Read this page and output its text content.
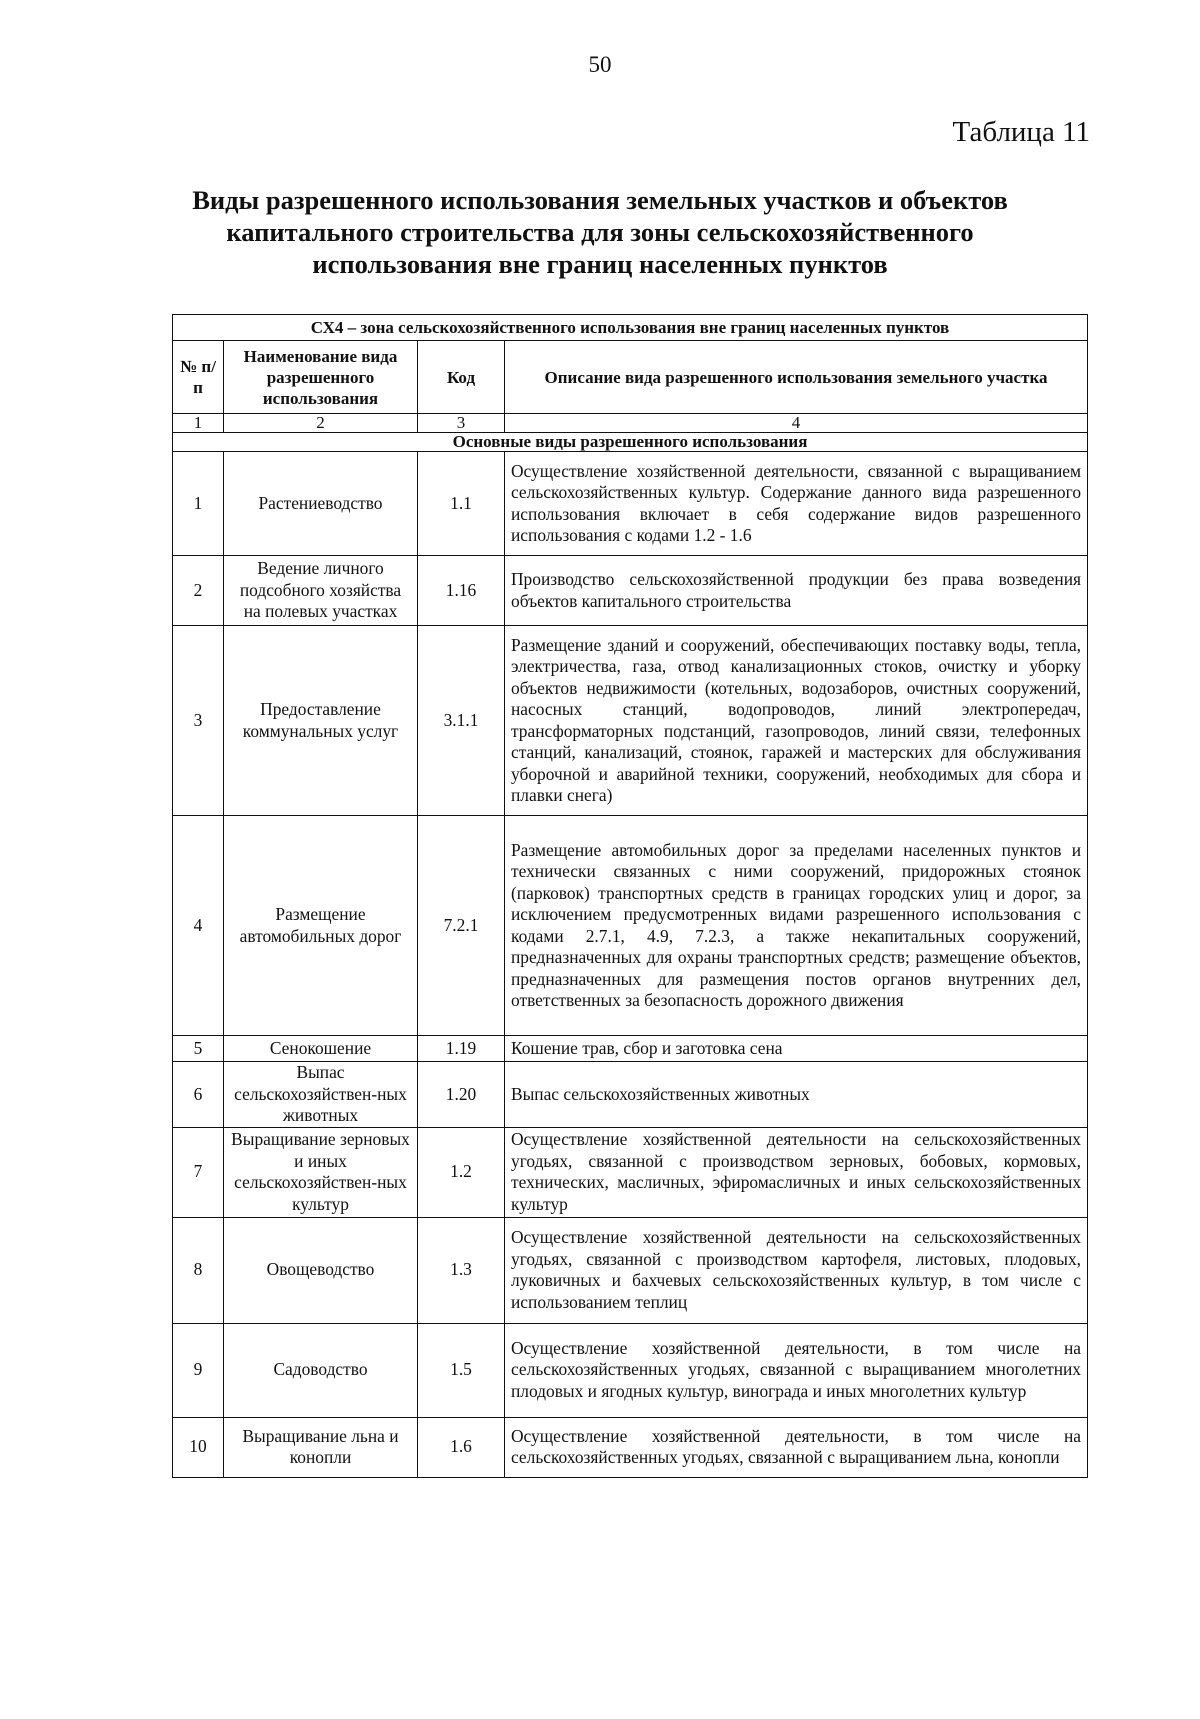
50
Таблица 11
Виды разрешенного использования земельных участков и объектов
капитального строительства для зоны сельскохозяйственного
использования вне границ населенных пунктов
СХ4 – зона сельскохозяйственного использования вне границ населенных пунктов			
№ п/п	Наименование вида разрешенного использования	Код	Описание вида разрешенного использования земельного участка
1	2	3	4
Основные виды разрешенного использования			
1	Растениеводство	1.1	Осуществление хозяйственной деятельности, связанной с выращиванием сельскохозяйственных культур. Содержание данного вида разрешенного использования включает в себя содержание видов разрешенного использования с кодами 1.2 - 1.6
2	Ведение личного подсобного хозяйства на полевых участках	1.16	Производство сельскохозяйственной продукции без права возведения объектов капитального строительства
3	Предоставление коммунальных услуг	3.1.1	Размещение зданий и сооружений, обеспечивающих поставку воды, тепла, электричества, газа, отвод канализационных стоков, очистку и уборку объектов недвижимости (котельных, водозаборов, очистных сооружений, насосных станций, водопроводов, линий электропередач, трансформаторных подстанций, газопроводов, линий связи, телефонных станций, канализаций, стоянок, гаражей и мастерских для обслуживания уборочной и аварийной техники, сооружений, необходимых для сбора и плавки снега)
4	Размещение автомобильных дорог	7.2.1	Размещение автомобильных дорог за пределами населенных пунктов и технически связанных с ними сооружений, придорожных стоянок (парковок) транспортных средств в границах городских улиц и дорог, за исключением предусмотренных видами разрешенного использования с кодами 2.7.1, 4.9, 7.2.3, а также некапитальных сооружений, предназначенных для охраны транспортных средств; размещение объектов, предназначенных для размещения постов органов внутренних дел, ответственных за безопасность дорожного движения
5	Сенокошение	1.19	Кошение трав, сбор и заготовка сена
6	Выпас сельскохозяйствен-ных животных	1.20	Выпас сельскохозяйственных животных
7	Выращивание зерновых и иных сельскохозяйствен-ных культур	1.2	Осуществление хозяйственной деятельности на сельскохозяйственных угодьях, связанной с производством зерновых, бобовых, кормовых, технических, масличных, эфиромасличных и иных сельскохозяйственных культур
8	Овощеводство	1.3	Осуществление хозяйственной деятельности на сельскохозяйственных угодьях, связанной с производством картофеля, листовых, плодовых, луковичных и бахчевых сельскохозяйственных культур, в том числе с использованием теплиц
9	Садоводство	1.5	Осуществление хозяйственной деятельности, в том числе на сельскохозяйственных угодьях, связанной с выращиванием многолетних плодовых и ягодных культур, винограда и иных многолетних культур
10	Выращивание льна и конопли	1.6	Осуществление хозяйственной деятельности, в том числе на сельскохозяйственных угодьях, связанной с выращиванием льна, конопли
